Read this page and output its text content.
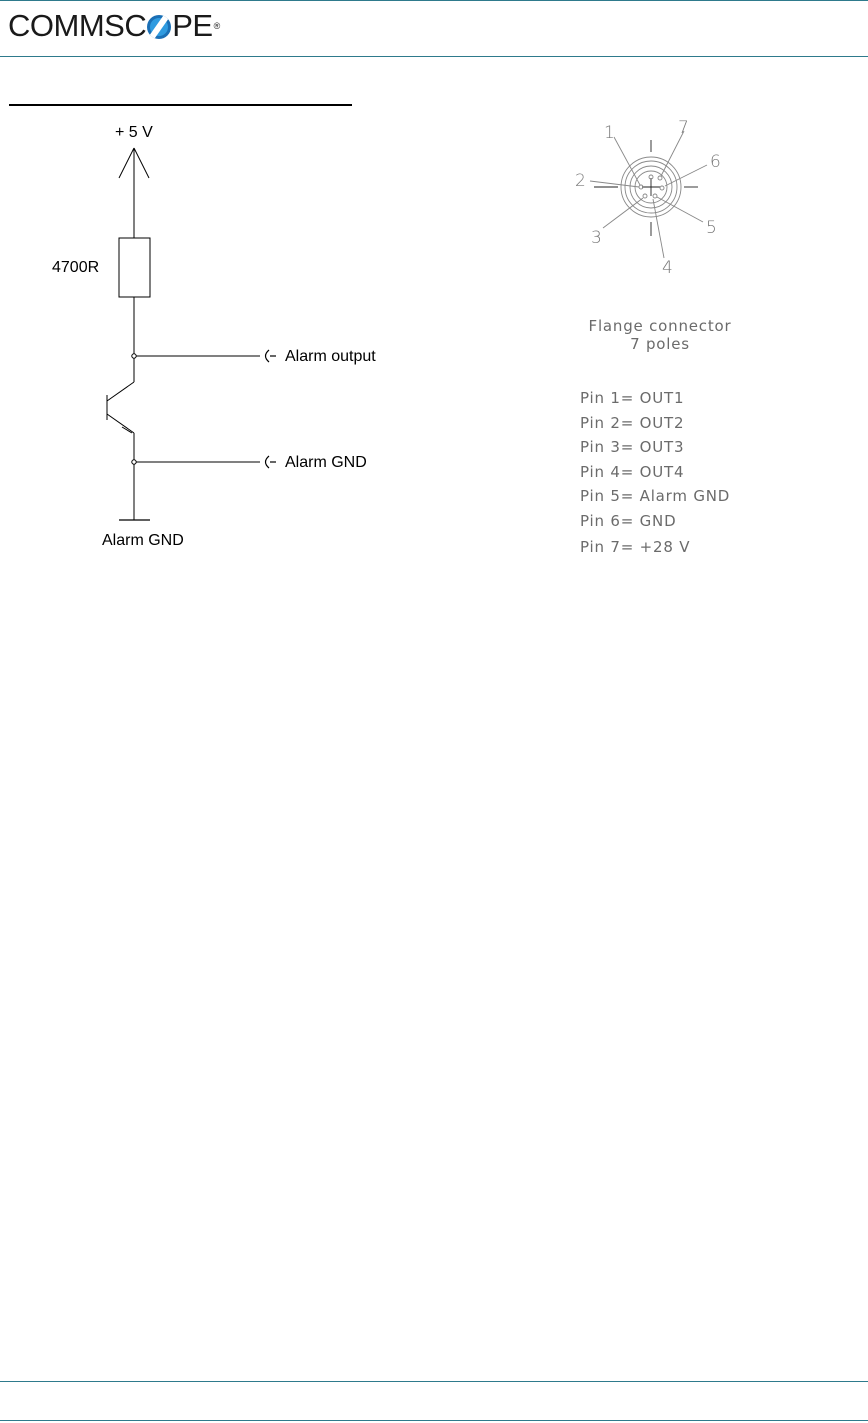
COMMSC PE ®
1
2
3
4
5
6
7
+ 5 V
4700R
Alarm output
Alarm GND
Alarm GND
Flange connector
7 poles
Pin 1= OUT1
Pin 2= OUT2
Pin 3= OUT3
Pin 4= OUT4
Pin 5= Alarm GND
Pin 6= GND
Pin 7= +28 V
